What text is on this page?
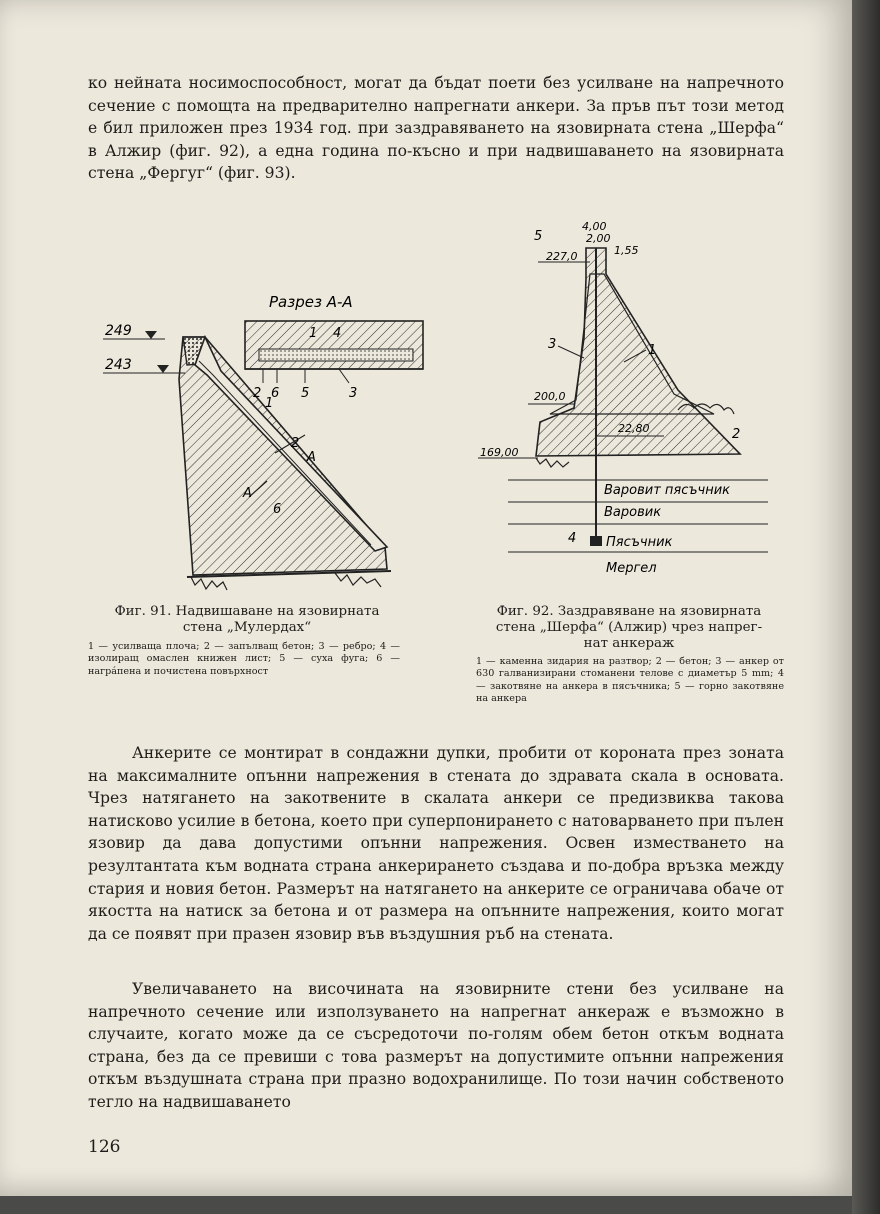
ко нейната носимоспособност, могат да бъдат поети без усилване на напречното сечение с помощта на предварително напрегнати анкери. За пръв път този метод е бил приложен през 1934 год. при заздравяването на язовирната стена „Шерфа“ в Алжир (фиг. 92), а една година по-късно и при надвишаването на язовирната стена „Фергуг“ (фиг. 93).

249
243
1
2
A
A
6
Разрез А-А
2 6 5	3
1 4

Фиг. 91. Надвишаване на язовирната
стена „Мулердах“

1 — усилваща плоча; 2 — запълващ бетон; 3 — ребро; 4 — изолиращ омаслен книжен лист; 5 — суха фуга; 6 — нагрáпена и почистена повърхност

4,00
2,00
227,0	1,55
5
200,0
22,80
169,00
3	1
2
Варовит пясъчник
Варовик
Пясъчник
Мергел
4

Фиг. 92. Заздравяване на язовирната
стена „Шерфа“ (Алжир) чрез напрег-
нат анкераж

1 — каменна зидария на разтвор; 2 — бетон; 3 — анкер от 630 галванизирани стоманени телове с диаметър 5 mm; 4 — закотвяне на анкера в пясъчника; 5 — горно закотвяне на анкера

Анкерите се монтират в сондажни дупки, пробити от короната през зоната на максималните опънни напрежения в стената до здравата скала в основата. Чрез натягането на закотвените в скалата анкери се предизвиква такова натисково усилие в бетона, което при суперпонирането с натоварването при пълен язовир да дава допустими опънни напрежения. Освен изместването на резултантата към водната страна анкерирането създава и по-добра връзка между стария и новия бетон. Размерът на натягането на анкерите се ограничава обаче от якостта на натиск за бетона и от размера на опънните напрежения, които могат да се появят при празен язовир във въздушния ръб на стената.

Увеличаването на височината на язовирните стени без усилване на напречното сечение или използуването на напрегнат анкераж е възможно в случаите, когато може да се съсредоточи по-голям обем бетон откъм водната страна, без да се превиши с това размерът на допустимите опънни напрежения откъм въздушната страна при празно водохранилище. По този начин собственото тегло на надвишаването

126
